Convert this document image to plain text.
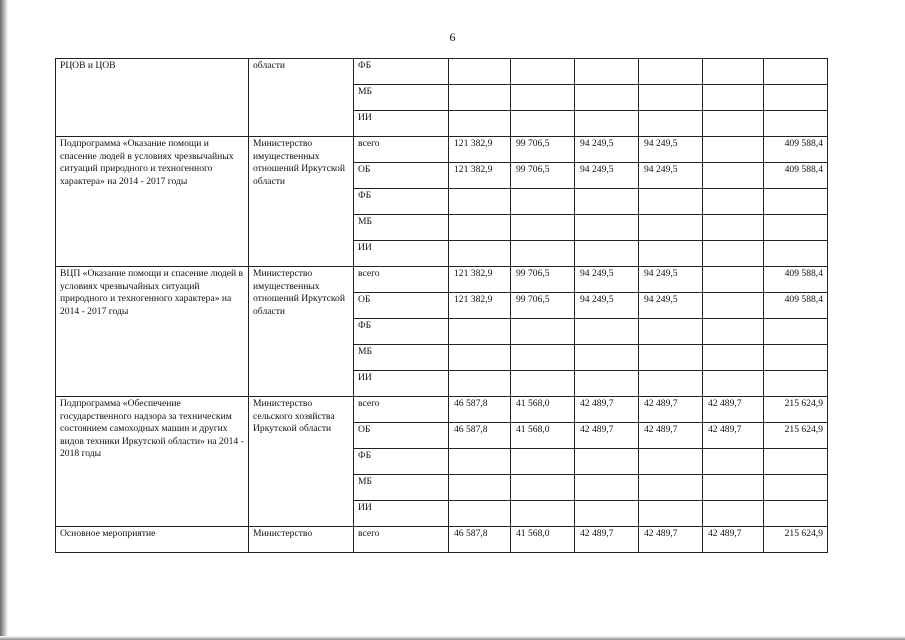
6
РЦОВ и ЦОВ	области	ФБ						
		МБ						
		ИИ						
Подпрограмма «Оказание помощи и спасение людей в условиях чрезвычайных ситуаций природного и техногенного характера» на 2014 - 2017 годы	Министерство имущественных отношений Иркутской области	всего	121 382,9	99 706,5	94 249,5	94 249,5		409 588,4
		ОБ	121 382,9	99 706,5	94 249,5	94 249,5		409 588,4
		ФБ						
		МБ						
		ИИ						
ВЦП «Оказание помощи и спасение людей в условиях чрезвычайных ситуаций природного и техногенного характера» на 2014 - 2017 годы	Министерство имущественных отношений Иркутской области	всего	121 382,9	99 706,5	94 249,5	94 249,5		409 588,4
		ОБ	121 382,9	99 706,5	94 249,5	94 249,5		409 588,4
		ФБ						
		МБ						
		ИИ						
Подпрограмма «Обеспечение государственного надзора за техническим состоянием самоходных машин и других видов техники Иркутской области» на 2014 - 2018 годы	Министерство сельского хозяйства Иркутской области	всего	46 587,8	41 568,0	42 489,7	42 489,7	42 489,7	215 624,9
		ОБ	46 587,8	41 568,0	42 489,7	42 489,7	42 489,7	215 624,9
		ФБ						
		МБ						
		ИИ						
Основное мероприятие	Министерство	всего	46 587,8	41 568,0	42 489,7	42 489,7	42 489,7	215 624,9
